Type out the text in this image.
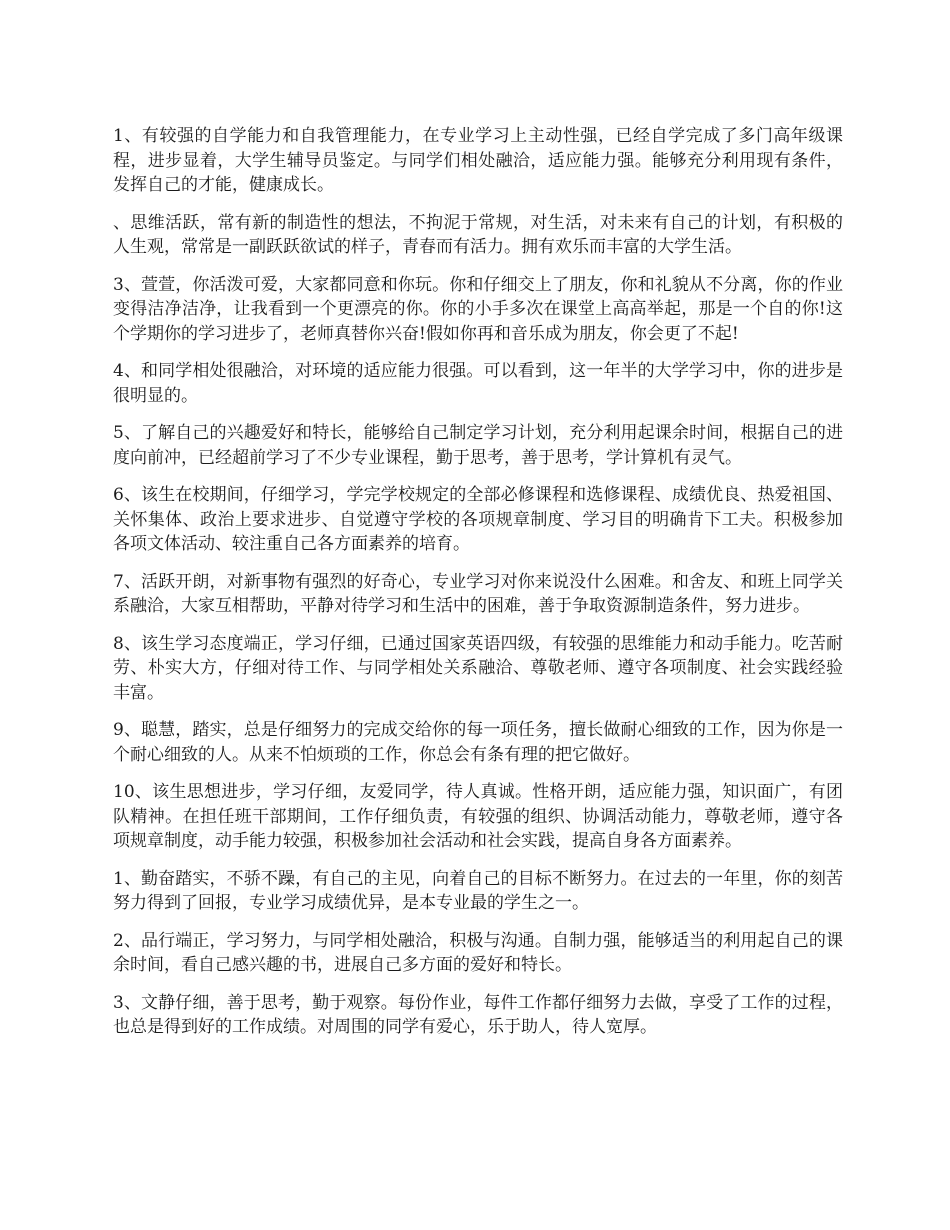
1、有较强的自学能力和自我管理能力，在专业学习上主动性强，已经自学完成了多门高年级课程，进步显着，大学生辅导员鉴定。与同学们相处融洽，适应能力强。能够充分利用现有条件，发挥自己的才能，健康成长。

、思维活跃，常有新的制造性的想法，不拘泥于常规，对生活，对未来有自己的计划，有积极的人生观，常常是一副跃跃欲试的样子，青春而有活力。拥有欢乐而丰富的大学生活。

3、萱萱，你活泼可爱，大家都同意和你玩。你和仔细交上了朋友，你和礼貌从不分离，你的作业变得洁净洁净，让我看到一个更漂亮的你。你的小手多次在课堂上高高举起，那是一个自的你!这个学期你的学习进步了，老师真替你兴奋!假如你再和音乐成为朋友，你会更了不起!

4、和同学相处很融洽，对环境的适应能力很强。可以看到，这一年半的大学学习中，你的进步是很明显的。

5、了解自己的兴趣爱好和特长，能够给自己制定学习计划，充分利用起课余时间，根据自己的进度向前冲，已经超前学习了不少专业课程，勤于思考，善于思考，学计算机有灵气。

6、该生在校期间，仔细学习，学完学校规定的全部必修课程和选修课程、成绩优良、热爱祖国、关怀集体、政治上要求进步、自觉遵守学校的各项规章制度、学习目的明确肯下工夫。积极参加各项文体活动、较注重自己各方面素养的培育。

7、活跃开朗，对新事物有强烈的好奇心，专业学习对你来说没什么困难。和舍友、和班上同学关系融洽，大家互相帮助，平静对待学习和生活中的困难，善于争取资源制造条件，努力进步。

8、该生学习态度端正，学习仔细，已通过国家英语四级，有较强的思维能力和动手能力。吃苦耐劳、朴实大方，仔细对待工作、与同学相处关系融洽、尊敬老师、遵守各项制度、社会实践经验丰富。

9、聪慧，踏实，总是仔细努力的完成交给你的每一项任务，擅长做耐心细致的工作，因为你是一个耐心细致的人。从来不怕烦琐的工作，你总会有条有理的把它做好。

10、该生思想进步，学习仔细，友爱同学，待人真诚。性格开朗，适应能力强，知识面广，有团队精神。在担任班干部期间，工作仔细负责，有较强的组织、协调活动能力，尊敬老师，遵守各项规章制度，动手能力较强，积极参加社会活动和社会实践，提高自身各方面素养。

1、勤奋踏实，不骄不躁，有自己的主见，向着自己的目标不断努力。在过去的一年里，你的刻苦努力得到了回报，专业学习成绩优异，是本专业最的学生之一。

2、品行端正，学习努力，与同学相处融洽，积极与沟通。自制力强，能够适当的利用起自己的课余时间，看自己感兴趣的书，进展自己多方面的爱好和特长。

3、文静仔细，善于思考，勤于观察。每份作业，每件工作都仔细努力去做，享受了工作的过程，也总是得到好的工作成绩。对周围的同学有爱心，乐于助人，待人宽厚。
